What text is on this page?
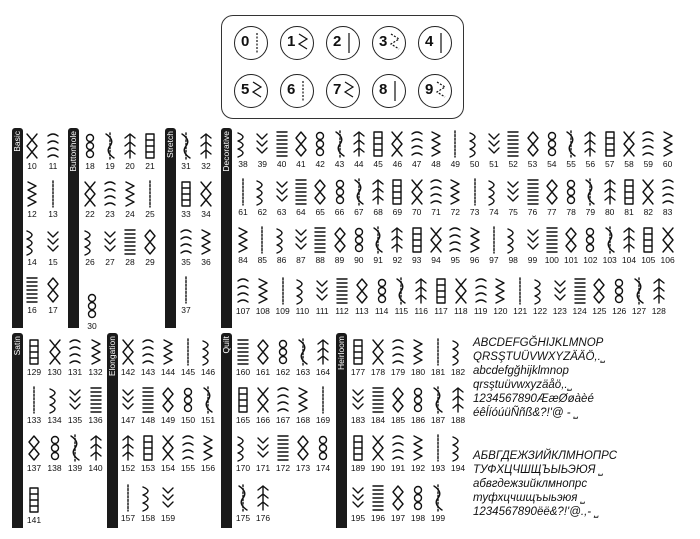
0	1	2	3	4
5	6	7	8	9
Basic	Buttonhole	Stretch	Decorative
Satin	Elongation	Quilt	Heirloom
10	11
12	13
14	15
16	17
30
18	19	20	21
22	23	24	25
26	27	28	29
31	32
33	34
35	36
37
38	39	40	41	42	43	44	45	46	47	48	49	50	51	52	53	54	55	56	57	58	59	60
61	62	63	64	65	66	67	68	69	70	71	72	73	74	75	76	77	78	79	80	81	82	83
84	85	86	87	88	89	90	91	92	93	94	95	96	97	98	99 100 101 102 103 104 105 106
107 108 109 110 111 112 113 114 115 116 117 118 119 120 121 122 123 124 125 126 127 128
129 130 131 132
133 134 135 136
137 138 139 140
141
142 143 144 145 146
147 148 149 150 151
152 153 154 155 156
157 158 159
160 161 162 163 164
165 166 167 168 169
170 171 172 173 174
175 176
177 178 179 180 181 182
183 184 185 186 187 188
189 190 191 192 193 194
195 196 197 198 199
ABCDEFGĞHIJKLMNOP
QRSŞTUÜVWXYZÄÄÖ,.⎵
abcdefgğhijklmnop
qrsştuüvwxyzäåö,.⎵
1234567890ÆæØøàèé
éêĺíóúüÑñß&?!'@ - ⎵
АБВГДЕЖЗИЙКЛМНОПРС
ТУФХЦЧШЩЪЫЬЭЮЯ ⎵
абвгдежзийклмнопрс
туфхцчшщъыьэюя ⎵
1234567890ёë&?!'@.,- ⎵
